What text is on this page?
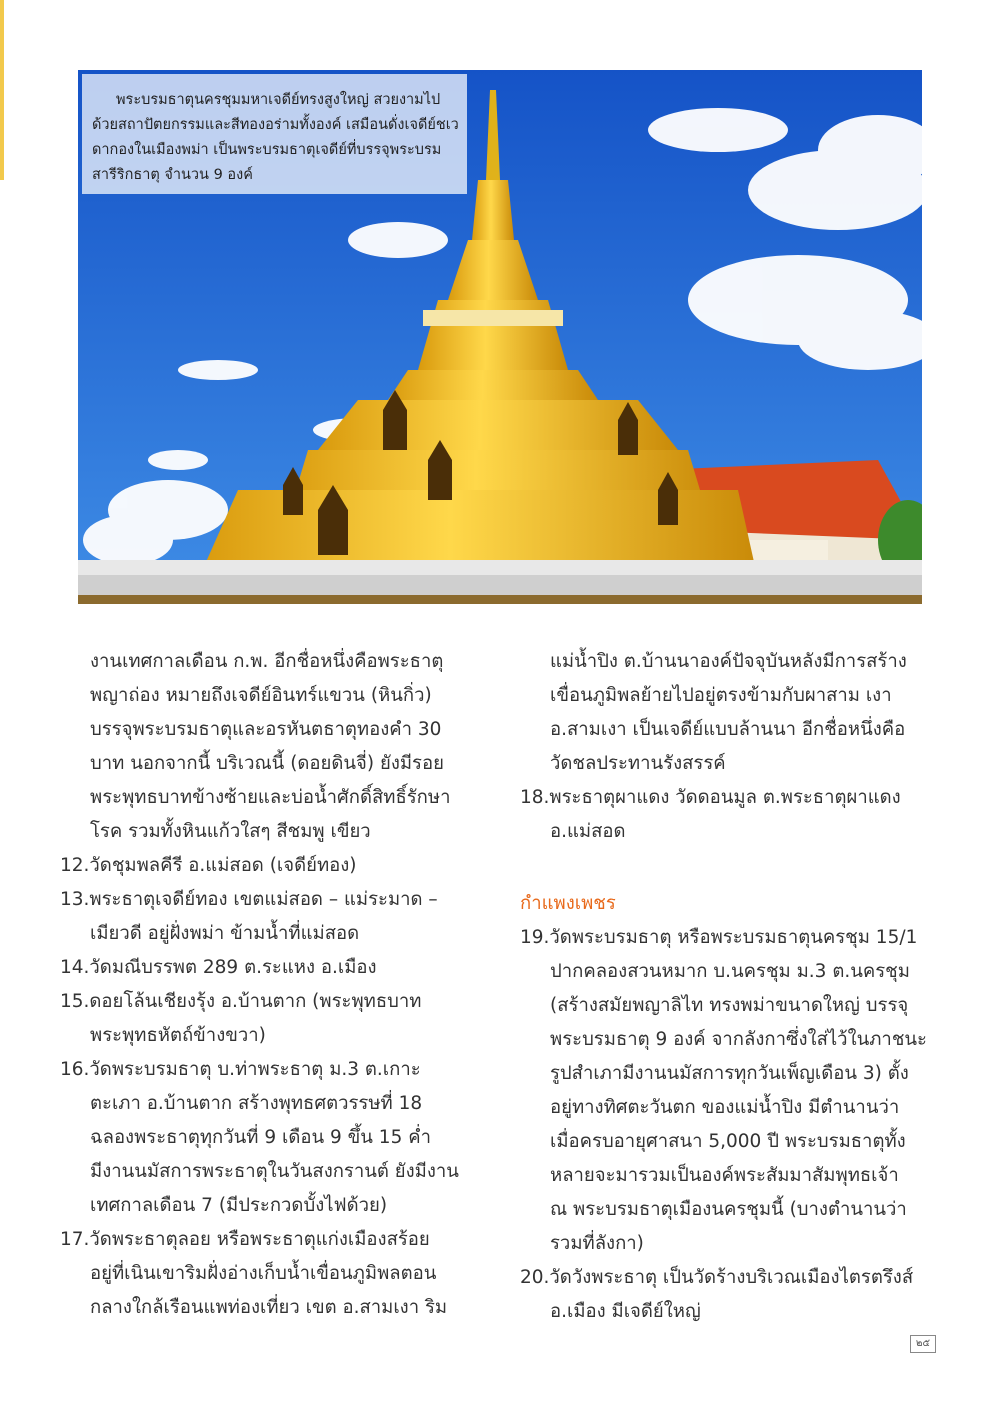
พระบรมธาตุนครชุมมหาเจดีย์ทรงสูงใหญ่ สวยงามไปด้วยสถาปัตยกรรมและสีทองอร่ามทั้งองค์ เสมือนดั่งเจดีย์ชเวดากองในเมืองพม่า เป็นพระบรมธาตุเจดีย์ที่บรรจุพระบรมสารีริกธาตุ จำนวน 9 องค์

งานเทศกาลเดือน ก.พ. อีกชื่อหนึ่งคือพระธาตุ
พญาถ่อง หมายถึงเจดีย์อินทร์แขวน (หินกิ่ว)
บรรจุพระบรมธาตุและอรหันตธาตุทองคำ 30
บาท นอกจากนี้ บริเวณนี้ (ดอยดินจี่) ยังมีรอย
พระพุทธบาทข้างซ้ายและบ่อน้ำศักดิ์สิทธิ์รักษา
โรค รวมทั้งหินแก้วใสๆ สีชมพู เขียว
12.วัดชุมพลคีรี อ.แม่สอด (เจดีย์ทอง)
13.พระธาตุเจดีย์ทอง เขตแม่สอด – แม่ระมาด –
เมียวดี อยู่ฝั่งพม่า ข้ามน้ำที่แม่สอด
14.วัดมณีบรรพต 289 ต.ระแหง อ.เมือง
15.ดอยโล้นเชียงรุ้ง อ.บ้านตาก (พระพุทธบาท
พระพุทธหัตถ์ข้างขวา)
16.วัดพระบรมธาตุ บ.ท่าพระธาตุ ม.3 ต.เกาะ
ตะเภา อ.บ้านตาก สร้างพุทธศตวรรษที่ 18
ฉลองพระธาตุทุกวันที่ 9 เดือน 9 ขึ้น 15 ค่ำ
มีงานนมัสการพระธาตุในวันสงกรานต์ ยังมีงาน
เทศกาลเดือน 7 (มีประกวดบั้งไฟด้วย)
17.วัดพระธาตุลอย หรือพระธาตุแก่งเมืองสร้อย
อยู่ที่เนินเขาริมฝั่งอ่างเก็บน้ำเขื่อนภูมิพลตอน
กลางใกล้เรือนแพท่องเที่ยว เขต อ.สามเงา ริม
แม่น้ำปิง ต.บ้านนาองค์ปัจจุบันหลังมีการสร้าง
เขื่อนภูมิพลย้ายไปอยู่ตรงข้ามกับผาสาม เงา
อ.สามเงา เป็นเจดีย์แบบล้านนา อีกชื่อหนึ่งคือ
วัดชลประทานรังสรรค์
18.พระธาตุผาแดง วัดดอนมูล ต.พระธาตุผาแดง
อ.แม่สอด
กำแพงเพชร
19.วัดพระบรมธาตุ หรือพระบรมธาตุนครชุม 15/1
ปากคลองสวนหมาก บ.นครชุม ม.3 ต.นครชุม
(สร้างสมัยพญาลิไท ทรงพม่าขนาดใหญ่ บรรจุ
พระบรมธาตุ 9 องค์ จากลังกาซึ่งใส่ไว้ในภาชนะ
รูปสำเภามีงานนมัสการทุกวันเพ็ญเดือน 3) ตั้ง
อยู่ทางทิศตะวันตก ของแม่น้ำปิง มีตำนานว่า
เมื่อครบอายุศาสนา 5,000 ปี พระบรมธาตุทั้ง
หลายจะมารวมเป็นองค์พระสัมมาสัมพุทธเจ้า
ณ พระบรมธาตุเมืองนครชุมนี้ (บางตำนานว่า
รวมที่ลังกา)
20.วัดวังพระธาตุ เป็นวัดร้างบริเวณเมืองไตรตรึงส์
อ.เมือง มีเจดีย์ใหญ่
๒๕
